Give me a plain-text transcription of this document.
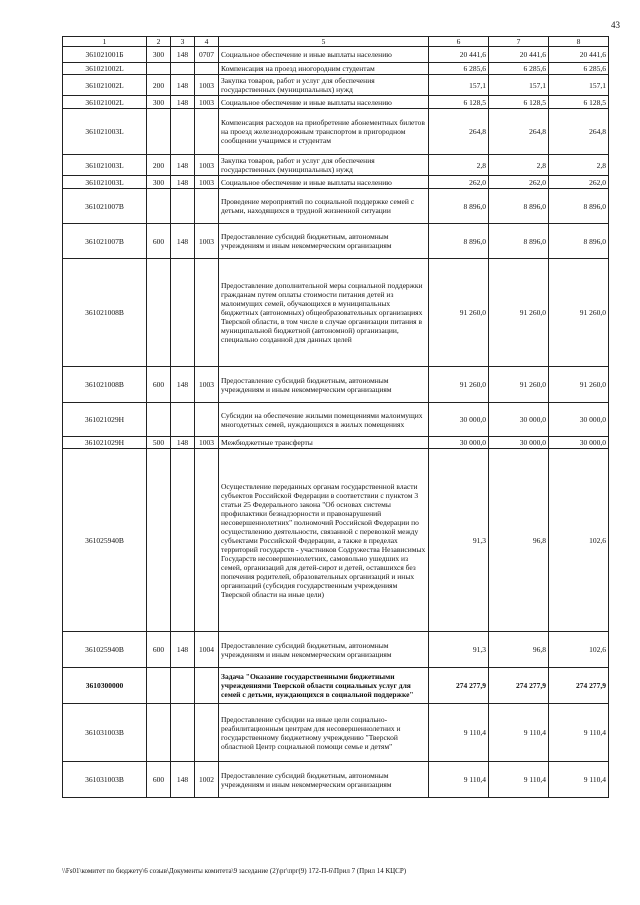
43
1	2	3	4	5	6	7	8
361021001Б	300	148	0707	Социальное обеспечение и иные выплаты населению	20 441,6	20 441,6	20 441,6
361021002L				Компенсация на проезд иногородним студентам	6 285,6	6 285,6	6 285,6
361021002L	200	148	1003	Закупка товаров, работ и услуг для обеспечения государственных (муниципальных) нужд	157,1	157,1	157,1
361021002L	300	148	1003	Социальное обеспечение и иные выплаты населению	6 128,5	6 128,5	6 128,5
361021003L				Компенсация расходов на приобретение абонементных билетов на проезд железнодорожным транспортом в пригородном сообщении учащимся и студентам	264,8	264,8	264,8
361021003L	200	148	1003	Закупка товаров, работ и услуг для обеспечения государственных (муниципальных) нужд	2,8	2,8	2,8
361021003L	300	148	1003	Социальное обеспечение и иные выплаты населению	262,0	262,0	262,0
361021007В				Проведение мероприятий по социальной поддержке семей с детьми, находящихся в трудной жизненной ситуации	8 896,0	8 896,0	8 896,0
361021007В	600	148	1003	Предоставление субсидий бюджетным, автономным учреждениям и иным некоммерческим организациям	8 896,0	8 896,0	8 896,0
361021008В				Предоставление дополнительной меры социальной поддержки гражданам путем оплаты стоимости питания детей из малоимущих семей, обучающихся в муниципальных бюджетных (автономных) общеобразовательных организациях Тверской области, в том числе в случае организации питания в муниципальной бюджетной (автономной) организации, специально созданной для данных целей	91 260,0	91 260,0	91 260,0
361021008В	600	148	1003	Предоставление субсидий бюджетным, автономным учреждениям и иным некоммерческим организациям	91 260,0	91 260,0	91 260,0
361021029Н				Субсидии на обеспечение жилыми помещениями малоимущих многодетных семей, нуждающихся в жилых помещениях	30 000,0	30 000,0	30 000,0
361021029Н	500	148	1003	Межбюджетные трансферты	30 000,0	30 000,0	30 000,0
361025940В				Осуществление переданных органам государственной власти субъектов Российской Федерации в соответствии с пунктом 3 статьи 25 Федерального закона "Об основах системы профилактики безнадзорности и правонарушений несовершеннолетних" полномочий Российской Федерации по осуществлению деятельности, связанной с перевозкой между субъектами Российской Федерации, а также в пределах территорий государств - участников Содружества Независимых Государств несовершеннолетних, самовольно ушедших из семей, организаций для детей-сирот и детей, оставшихся без попечения родителей, образовательных организаций и иных организаций (субсидия государственным учреждениям Тверской области на иные цели)	91,3	96,8	102,6
361025940В	600	148	1004	Предоставление субсидий бюджетным, автономным учреждениям и иным некоммерческим организациям	91,3	96,8	102,6
3610300000				Задача "Оказание государственными бюджетными учреждениями Тверской области социальных услуг для семей с детьми, нуждающихся в социальной поддержке"	274 277,9	274 277,9	274 277,9
361031003В				Предоставление субсидии на иные цели социально-реабилитационным центрам для несовершеннолетних и государственному бюджетному учреждению "Тверской областной Центр социальной помощи семье и детям"	9 110,4	9 110,4	9 110,4
361031003В	600	148	1002	Предоставление субсидий бюджетным, автономным учреждениям и иным некоммерческим организациям	9 110,4	9 110,4	9 110,4
\\Fs01\комитет по бюджету\6 созыв\Документы комитета\9 заседание (2)\рг\прг(9) 172-П-6\Прил 7 (Прил 14 КЦСР)
